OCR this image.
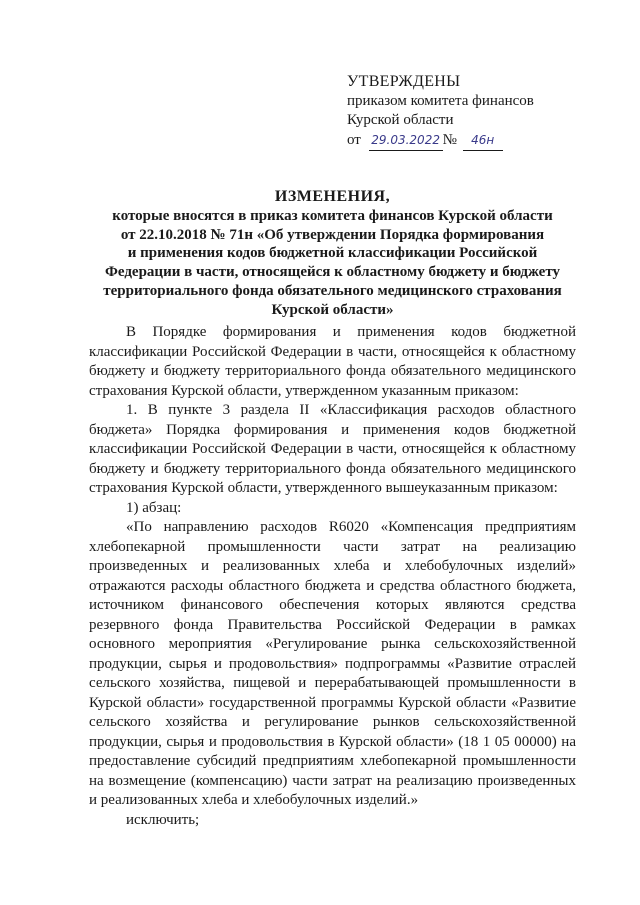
УТВЕРЖДЕНЫ
приказом комитета финансов
Курской области
от 29.03.2022 № 46н
ИЗМЕНЕНИЯ,
которые вносятся в приказ комитета финансов Курской области
от 22.10.2018 № 71н «Об утверждении Порядка формирования
и применения кодов бюджетной классификации Российской
Федерации в части, относящейся к областному бюджету и бюджету
территориального фонда обязательного медицинского страхования
Курской области»

В Порядке формирования и применения кодов бюджетной классификации Российской Федерации в части, относящейся к областному бюджету и бюджету территориального фонда обязательного медицинского страхования Курской области, утвержденном указанным приказом:

1. В пункте 3 раздела II «Классификация расходов областного бюджета» Порядка формирования и применения кодов бюджетной классификации Российской Федерации в части, относящейся к областному бюджету и бюджету территориального фонда обязательного медицинского страхования Курской области, утвержденного вышеуказанным приказом:

1) абзац:

«По направлению расходов R6020 «Компенсация предприятиям хлебопекарной промышленности части затрат на реализацию произведенных и реализованных хлеба и хлебобулочных изделий» отражаются расходы областного бюджета и средства областного бюджета, источником финансового обеспечения которых являются средства резервного фонда Правительства Российской Федерации в рамках основного мероприятия «Регулирование рынка сельскохозяйственной продукции, сырья и продовольствия» подпрограммы «Развитие отраслей сельского хозяйства, пищевой и перерабатывающей промышленности в Курской области» государственной программы Курской области «Развитие сельского хозяйства и регулирование рынков сельскохозяйственной продукции, сырья и продовольствия в Курской области» (18 1 05 00000) на предоставление субсидий предприятиям хлебопекарной промышленности на возмещение (компенсацию) части затрат на реализацию произведенных и реализованных хлеба и хлебобулочных изделий.»

исключить;
